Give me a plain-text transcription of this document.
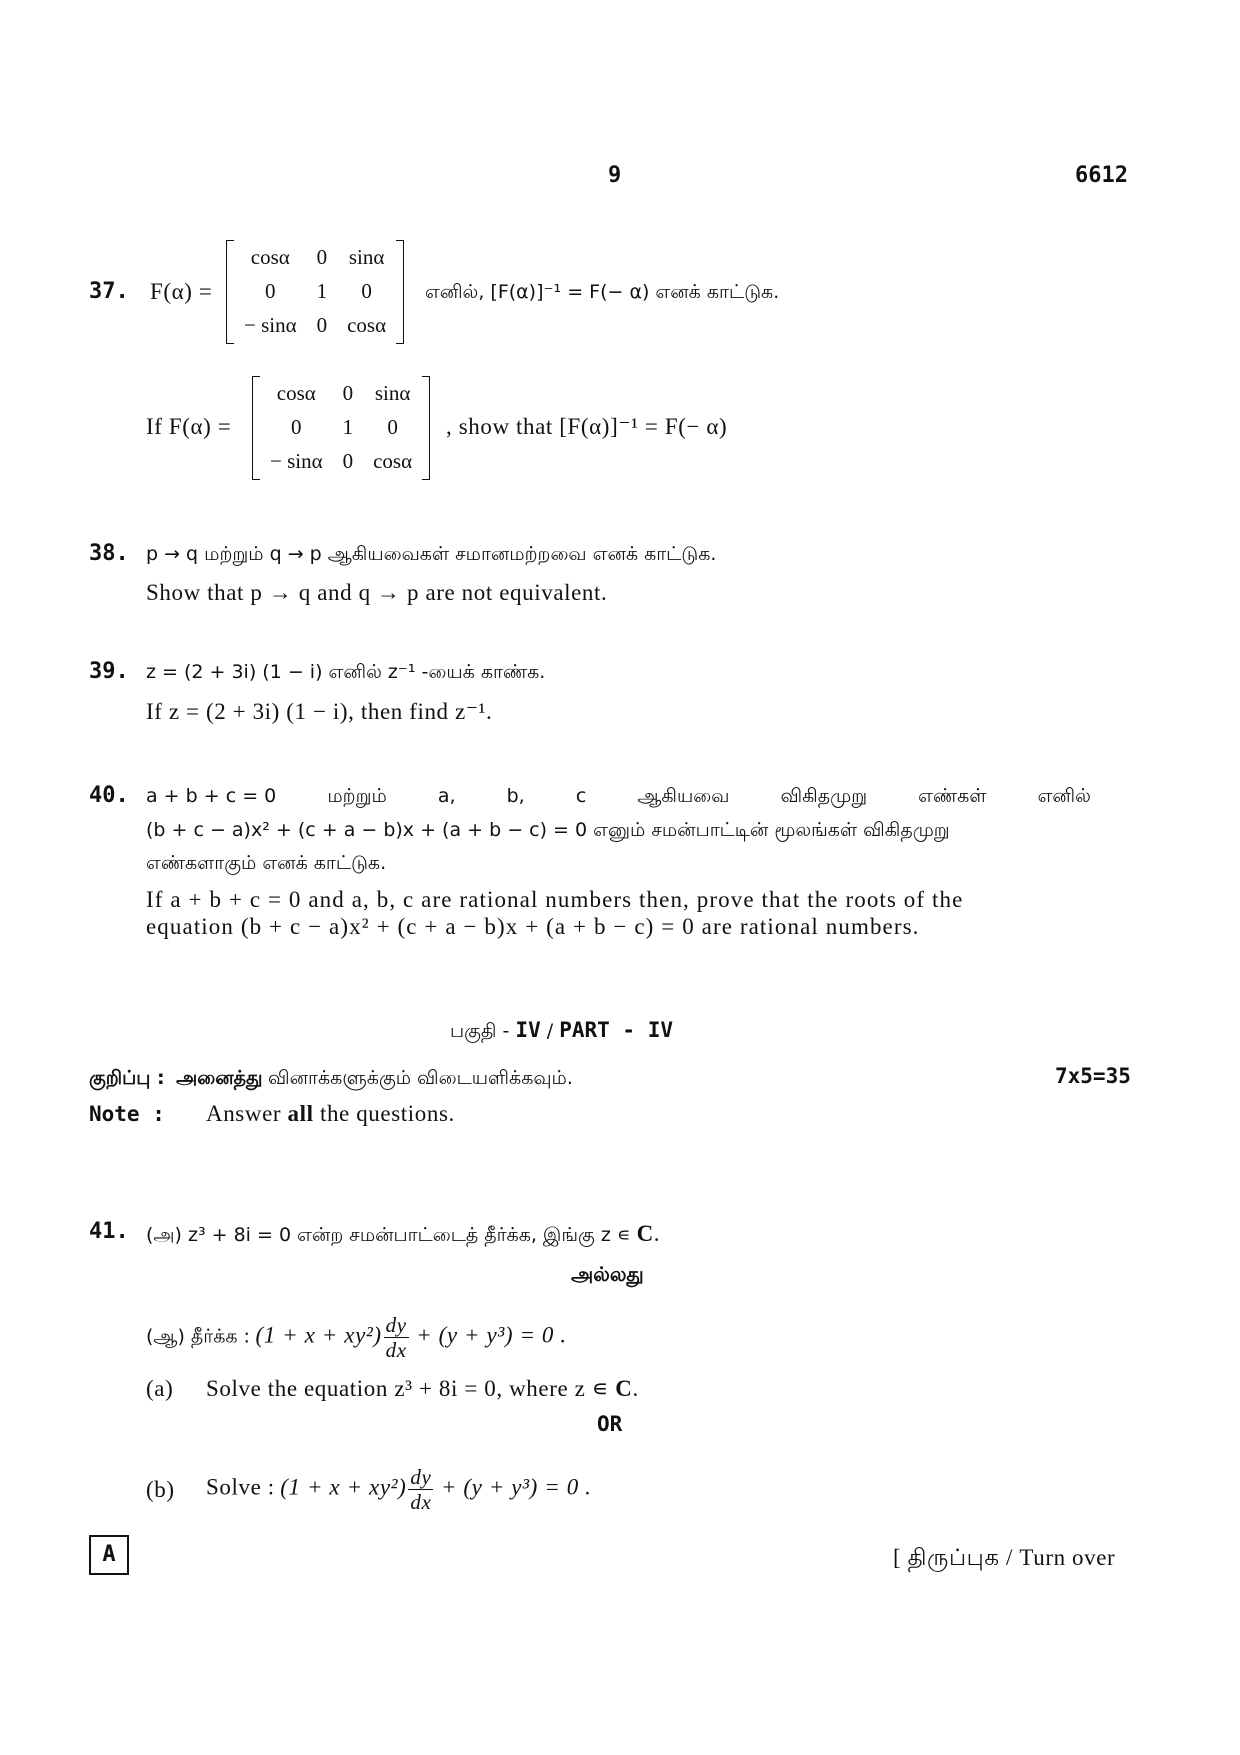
9	6612
37. F(α) =
cosα	0	sinα
0	1	0
− sinα	0	cosα
எனில், [F(α)]⁻¹ = F(− α) எனக் காட்டுக.
If F(α) =
cosα	0	sinα
0	1	0
− sinα	0	cosα
, show that [F(α)]⁻¹ = F(− α)
38. p → q மற்றும் q → p ஆகியவைகள் சமானமற்றவை எனக் காட்டுக.
Show that p → q and q → p are not equivalent.
39. z = (2 + 3i) (1 − i) எனில் z⁻¹ -யைக் காண்க.
If z = (2 + 3i) (1 − i), then find z⁻¹.
40. a + b + c = 0	மற்றும்	a,	b,	c	ஆகியவை	விகிதமுறு	எண்கள்	எனில்
(b + c − a)x² + (c + a − b)x + (a + b − c) = 0 எனும் சமன்பாட்டின் மூலங்கள் விகிதமுறு
எண்களாகும் எனக் காட்டுக.
If a + b + c = 0 and a, b, c are rational numbers then, prove that the roots of the
equation (b + c − a)x² + (c + a − b)x + (a + b − c) = 0 are rational numbers.
பகுதி - IV / PART - IV
குறிப்பு : அனைத்து வினாக்களுக்கும் விடையளிக்கவும்.	7x5=35
Note : Answer all the questions.
41. (அ) z³ + 8i = 0 என்ற சமன்பாட்டைத் தீர்க்க, இங்கு z ∊ C.
அல்லது
(ஆ) தீர்க்க : $(1 + x + xy^2) \frac{dy}{dx} + (y + y^3) = 0$ .
(a) Solve the equation z³ + 8i = 0, where z ∊ C.
OR
(b) Solve : $(1 + x + xy^2) \frac{dy}{dx} + (y + y^3) = 0$ .
A	[ திருப்புக / Turn over
